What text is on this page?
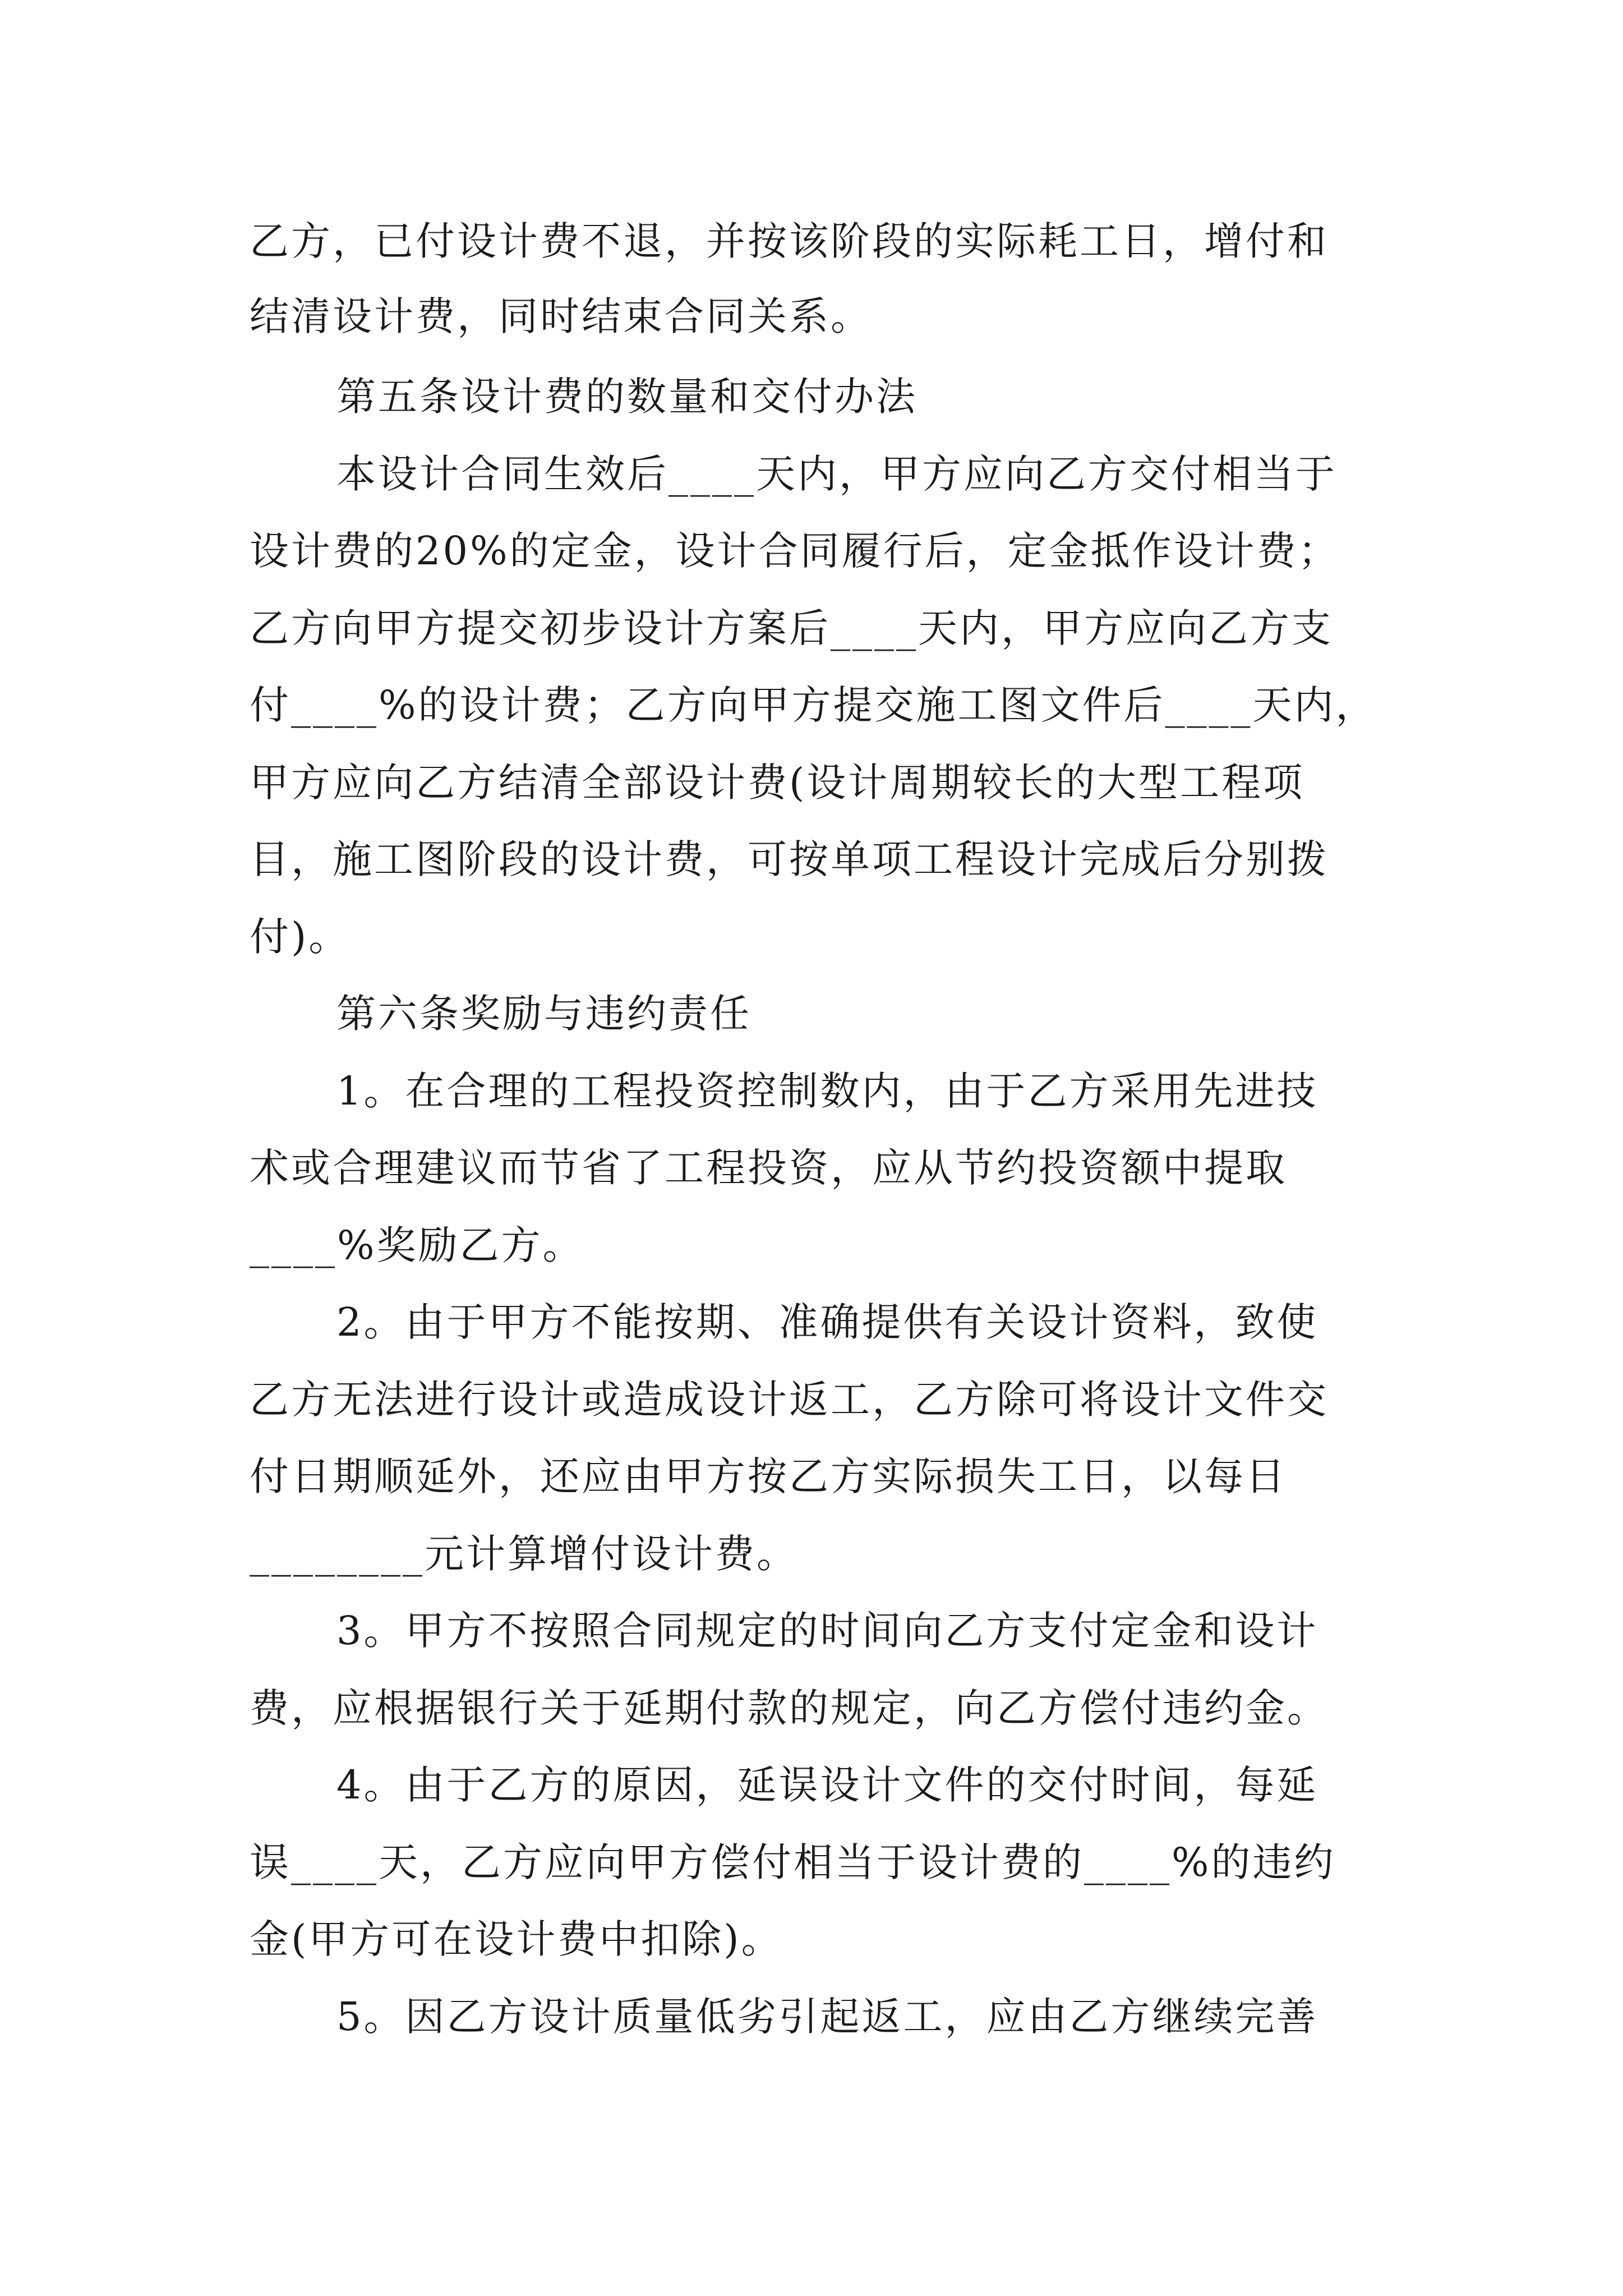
乙方，已付设计费不退，并按该阶段的实际耗工日，增付和

结清设计费，同时结束合同关系。

第五条设计费的数量和交付办法

本设计合同生效后____天内，甲方应向乙方交付相当于

设计费的20%的定金，设计合同履行后，定金抵作设计费；

乙方向甲方提交初步设计方案后____天内，甲方应向乙方支

付____%的设计费；乙方向甲方提交施工图文件后____天内，

甲方应向乙方结清全部设计费(设计周期较长的大型工程项

目，施工图阶段的设计费，可按单项工程设计完成后分别拨

付)。

第六条奖励与违约责任

1。在合理的工程投资控制数内，由于乙方采用先进技

术或合理建议而节省了工程投资，应从节约投资额中提取

____%奖励乙方。

2。由于甲方不能按期、准确提供有关设计资料，致使

乙方无法进行设计或造成设计返工，乙方除可将设计文件交

付日期顺延外，还应由甲方按乙方实际损失工日，以每日

________元计算增付设计费。

3。甲方不按照合同规定的时间向乙方支付定金和设计

费，应根据银行关于延期付款的规定，向乙方偿付违约金。

4。由于乙方的原因，延误设计文件的交付时间，每延

误____天，乙方应向甲方偿付相当于设计费的____%的违约

金(甲方可在设计费中扣除)。

5。因乙方设计质量低劣引起返工，应由乙方继续完善
